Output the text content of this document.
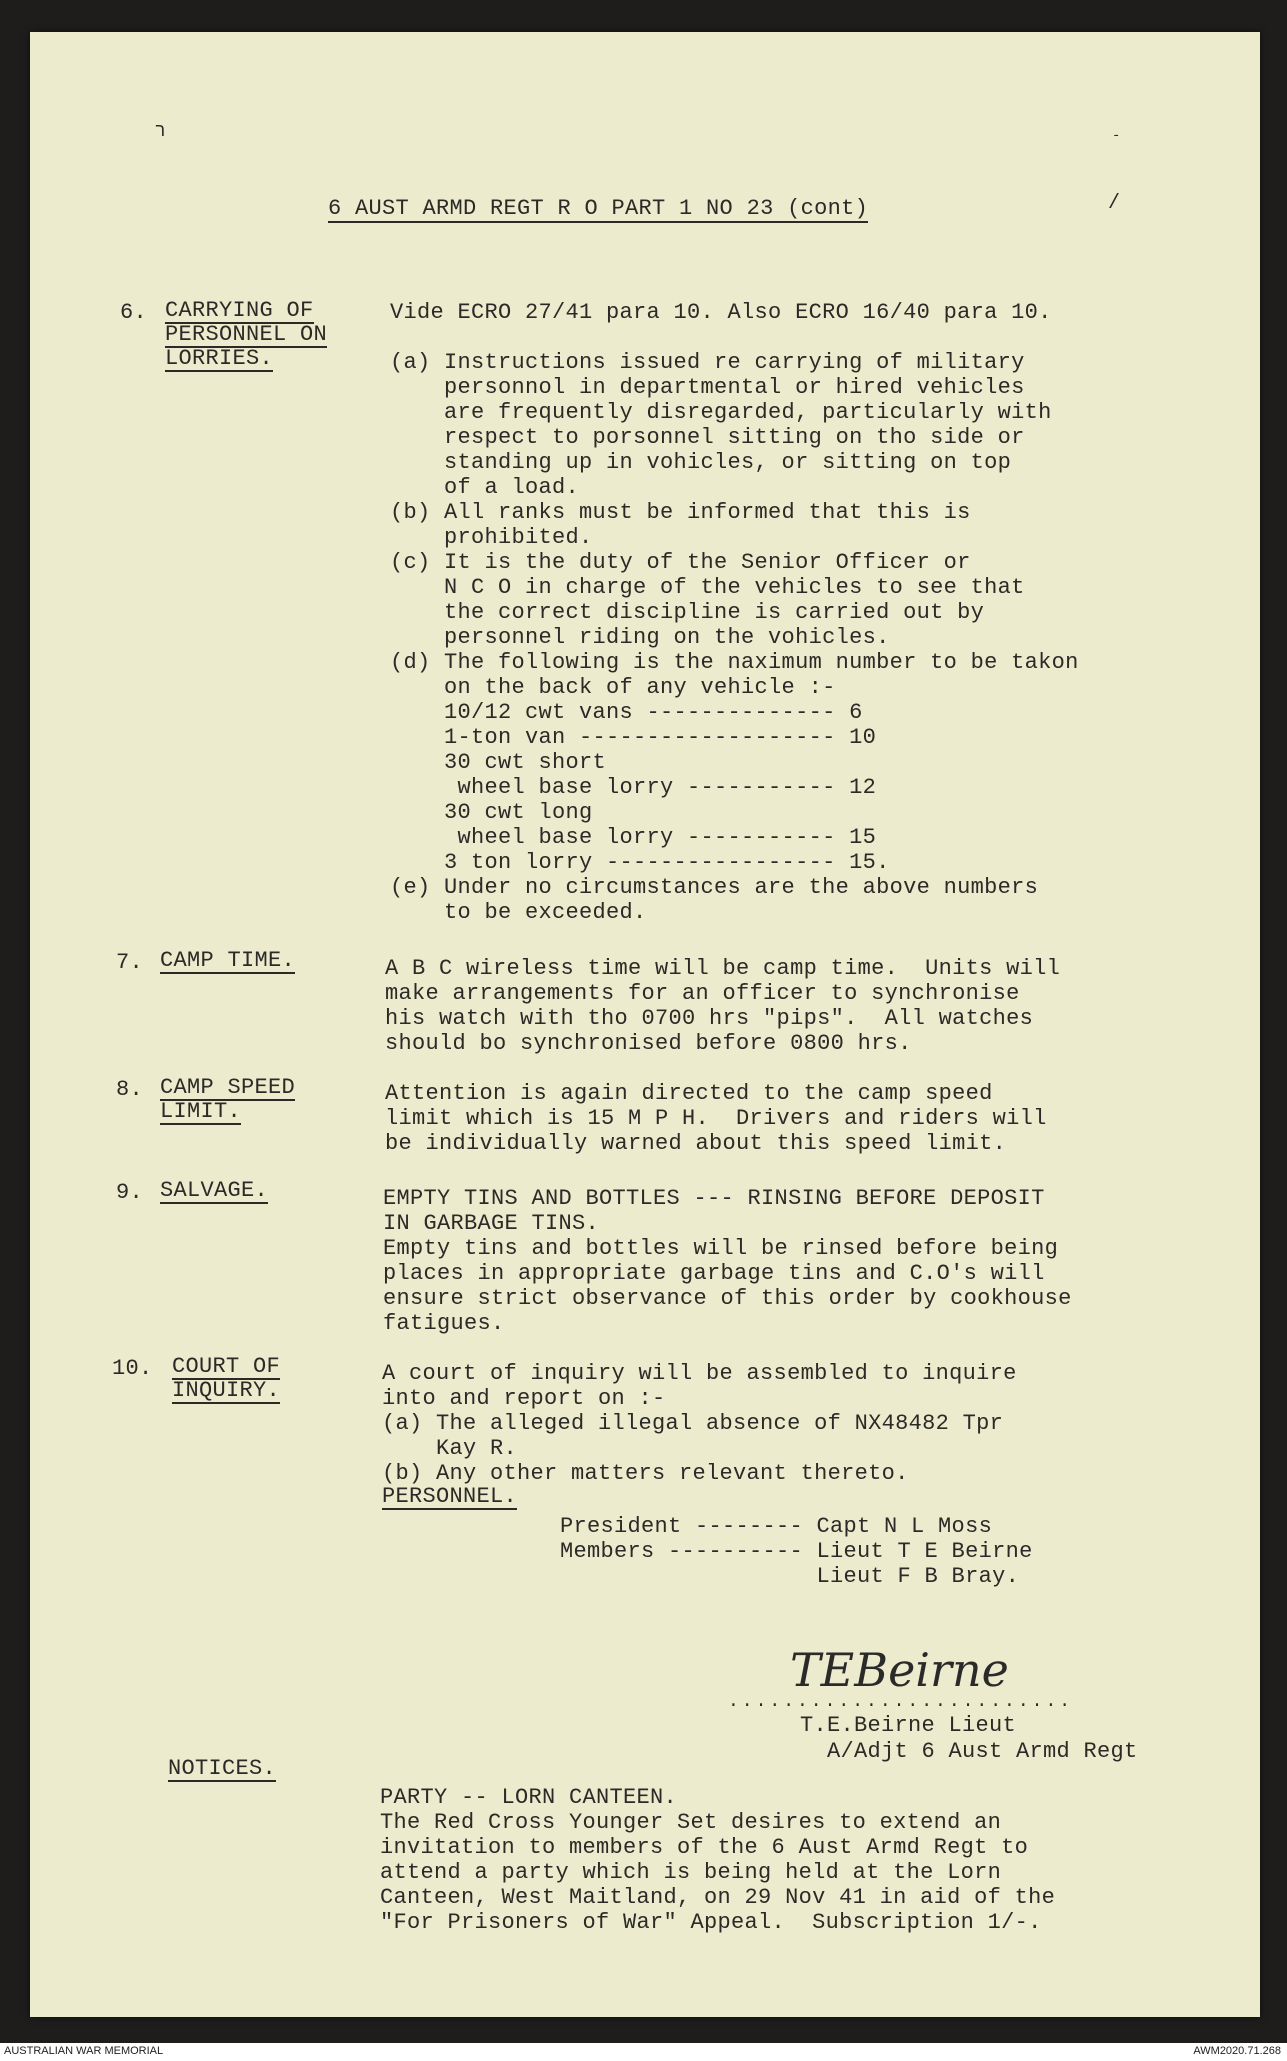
ר	-
/
6 AUST ARMD REGT R O PART 1 NO 23 (cont)
6. CARRYING OF
PERSONNEL ON
LORRIES.
Vide ECRO 27/41 para 10. Also ECRO 16/40 para 10.
(a) Instructions issued re carrying of military
personnol in departmental or hired vehicles
are frequently disregarded, particularly with
respect to porsonnel sitting on tho side or
standing up in vohicles, or sitting on top
of a load.
(b) All ranks must be informed that this is
prohibited.
(c) It is the duty of the Senior Officer or
N C O in charge of the vehicles to see that
the correct discipline is carried out by
personnel riding on the vohicles.
(d) The following is the naximum number to be takon
on the back of any vehicle :-
10/12 cwt vans -------------- 6
1-ton van ------------------- 10
30 cwt short
wheel base lorry ----------- 12
30 cwt long
wheel base lorry ----------- 15
3 ton lorry ----------------- 15.
(e) Under no circumstances are the above numbers
to be exceeded.
7. CAMP TIME.	A B C wireless time will be camp time.  Units will
make arrangements for an officer to synchronise
his watch with tho 0700 hrs "pips".  All watches
should bo synchronised before 0800 hrs.
8. CAMP SPEED
LIMIT.
Attention is again directed to the camp speed
limit which is 15 M P H.  Drivers and riders will
be individually warned about this speed limit.
9. SALVAGE.	EMPTY TINS AND BOTTLES --- RINSING BEFORE DEPOSIT
IN GARBAGE TINS.
Empty tins and bottles will be rinsed before being
places in appropriate garbage tins and C.O's will
ensure strict observance of this order by cookhouse
fatigues.
10. COURT OF
INQUIRY.
A court of inquiry will be assembled to inquire
into and report on :-
(a) The alleged illegal absence of NX48482 Tpr
Kay R.
(b) Any other matters relevant thereto.
PERSONNEL.
President -------- Capt N L Moss
Members ---------- Lieut T E Beirne
Lieut F B Bray.
TEBeirne
.........................
T.E.Beirne Lieut
A/Adjt 6 Aust Armd Regt
NOTICES.
PARTY -- LORN CANTEEN.
The Red Cross Younger Set desires to extend an
invitation to members of the 6 Aust Armd Regt to
attend a party which is being held at the Lorn
Canteen, West Maitland, on 29 Nov 41 in aid of the
"For Prisoners of War" Appeal.  Subscription 1/-.
AUSTRALIAN WAR MEMORIAL	AWM2020.71.268
